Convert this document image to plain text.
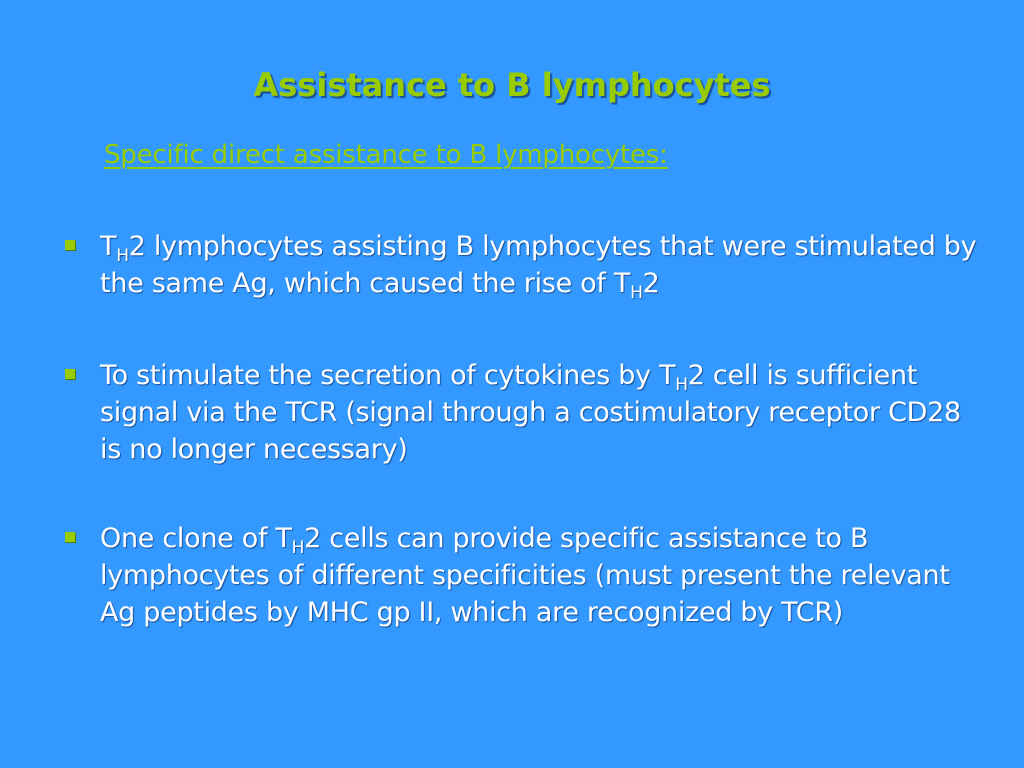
Assistance to B lymphocytes
Specific direct assistance to B lymphocytes:
$T_H2$ lymphocytes assisting B lymphocytes that were stimulated by the same Ag, which caused the rise of $T_H2$
To stimulate the secretion of cytokines by $T_H2$ cell is sufficient signal via the TCR (signal through a costimulatory receptor CD28 is no longer necessary)
One clone of $T_H2$ cells can provide specific assistance to B lymphocytes of different specificities (must present the relevant Ag peptides by MHC gp II, which are recognized by TCR)
